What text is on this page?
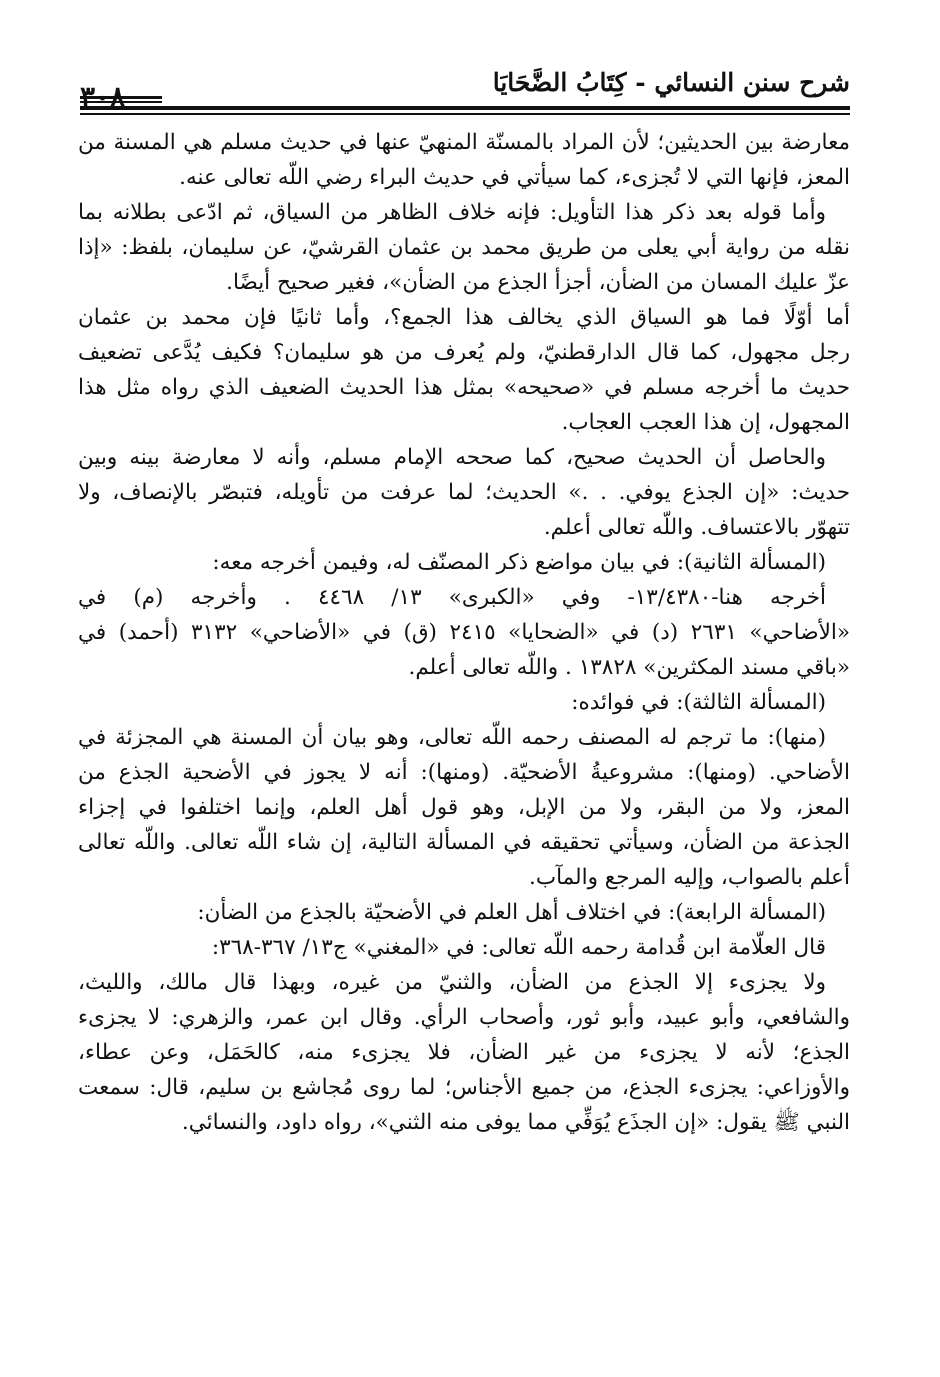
شرح سنن النسائي - كِتَابُ الضَّحَايَا
معارضة بين الحديثين؛ لأن المراد بالمسنّة المنهيّ عنها في حديث مسلم هي المسنة من
المعز، فإنها التي لا تُجزىء، كما سيأتي في حديث البراء رضي اللّه تعالى عنه.
وأما قوله بعد ذكر هذا التأويل: فإنه خلاف الظاهر من السياق، ثم ادّعى بطلانه بما
نقله من رواية أبي يعلى من طريق محمد بن عثمان القرشيّ، عن سليمان، بلفظ: «إذا
عزّ عليك المسان من الضأن، أجزأ الجذع من الضأن»، فغير صحيح أيضًا.
أما أوّلًا فما هو السياق الذي يخالف هذا الجمع؟، وأما ثانيًا فإن محمد بن عثمان
رجل مجهول، كما قال الدارقطنيّ، ولم يُعرف من هو سليمان؟ فكيف يُدَّعى تضعيف
حديث ما أخرجه مسلم في «صحيحه» بمثل هذا الحديث الضعيف الذي رواه مثل هذا
المجهول، إن هذا العجب العجاب.
والحاصل أن الحديث صحيح، كما صححه الإمام مسلم، وأنه لا معارضة بينه وبين
حديث: «إن الجذع يوفي. . .» الحديث؛ لما عرفت من تأويله، فتبصّر بالإنصاف، ولا
تتهوّر بالاعتساف. واللّه تعالى أعلم.
(المسألة الثانية): في بيان مواضع ذكر المصنّف له، وفيمن أخرجه معه:
أخرجه هنا-١٣/٤٣٨٠- وفي «الكبرى» ١٣/ ٤٤٦٨ . وأخرجه (م) في
«الأضاحي» ٢٦٣١ (د) في «الضحايا» ٢٤١٥ (ق) في «الأضاحي» ٣١٣٢ (أحمد) في
«باقي مسند المكثرين» ١٣٨٢٨ . واللّه تعالى أعلم.
(المسألة الثالثة): في فوائده:
(منها): ما ترجم له المصنف رحمه اللّه تعالى، وهو بيان أن المسنة هي المجزئة في
الأضاحي. (ومنها): مشروعيةُ الأضحيّة. (ومنها): أنه لا يجوز في الأضحية الجذع من
المعز، ولا من البقر، ولا من الإبل، وهو قول أهل العلم، وإنما اختلفوا في إجزاء
الجذعة من الضأن، وسيأتي تحقيقه في المسألة التالية، إن شاء اللّه تعالى. واللّه تعالى
أعلم بالصواب، وإليه المرجع والمآب.
(المسألة الرابعة): في اختلاف أهل العلم في الأضحيّة بالجذع من الضأن:
قال العلّامة ابن قُدامة رحمه اللّه تعالى: في «المغني» ج١٣/ ٣٦٧-٣٦٨:
ولا يجزىء إلا الجذع من الضأن، والثنيّ من غيره، وبهذا قال مالك، والليث،
والشافعي، وأبو عبيد، وأبو ثور، وأصحاب الرأي. وقال ابن عمر، والزهري: لا يجزىء
الجذع؛ لأنه لا يجزىء من غير الضأن، فلا يجزىء منه، كالحَمَل، وعن عطاء،
والأوزاعي: يجزىء الجذع، من جميع الأجناس؛ لما روى مُجاشع بن سليم، قال: سمعت
النبي ﷺ يقول: «إن الجذَع يُوَفِّي مما يوفى منه الثني»، رواه داود، والنسائي.
